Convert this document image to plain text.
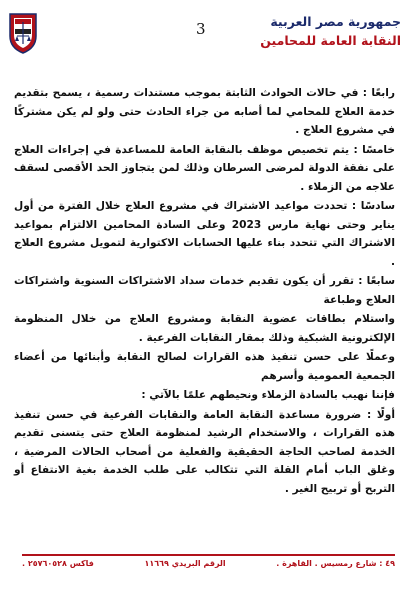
3	جمهورية مصر العربية
النقابة العامة للمحامين

رابعًا : في حالات الحوادث الثابتة بموجب مستندات رسمية ، يسمح بتقديم خدمة العلاج للمحامي لما أصابه من جراء الحادث حتى ولو لم يكن مشتركًا في مشروع العلاج .

خامسًا : يتم تخصيص موظف بالنقابة العامة للمساعدة في إجراءات العلاج على نفقة الدولة لمرضى السرطان وذلك لمن يتجاوز الحد الأقصى لسقف علاجه من الزملاء .

سادسًا : تحددت مواعيد الاشتراك في مشروع العلاج خلال الفترة من أول يناير وحتى نهاية مارس 2023 وعلى السادة المحامين الالتزام بمواعيد الاشتراك التي تتحدد بناء عليها الحسابات الاكتوارية لتمويل مشروع العلاج .

سابعًا : تقرر أن يكون تقديم خدمات سداد الاشتراكات السنوية واشتراكات العلاج وطباعة

واستلام بطاقات عضوية النقابة ومشروع العلاج من خلال المنظومة الإلكترونية الشبكية وذلك بمقار النقابات الفرعية .

وعملًا على حسن تنفيذ هذه القرارات لصالح النقابة وأبنائها من أعضاء الجمعية العمومية وأسرهم

فإننا نهيب بالسادة الزملاء ونحيطهم علمًا بالآتي :

أولًا : ضرورة مساعدة النقابة العامة والنقابات الفرعية في حسن تنفيذ هذه القرارات ، والاستخدام الرشيد لمنظومة العلاج حتى يتسنى تقديم الخدمة لصاحب الحاجة الحقيقية والفعلية من أصحاب الحالات المرضية ، وغلق الباب أمام القلة التي تتكالب على طلب الخدمة بغية الانتفاع أو التربح أو تربيح الغير .

٤٩ : شارع رمسيس . القاهرة .
الرقم البريدي ١١٦٦٩
فاكس ٢٥٧٦٠٥٢٨ .
